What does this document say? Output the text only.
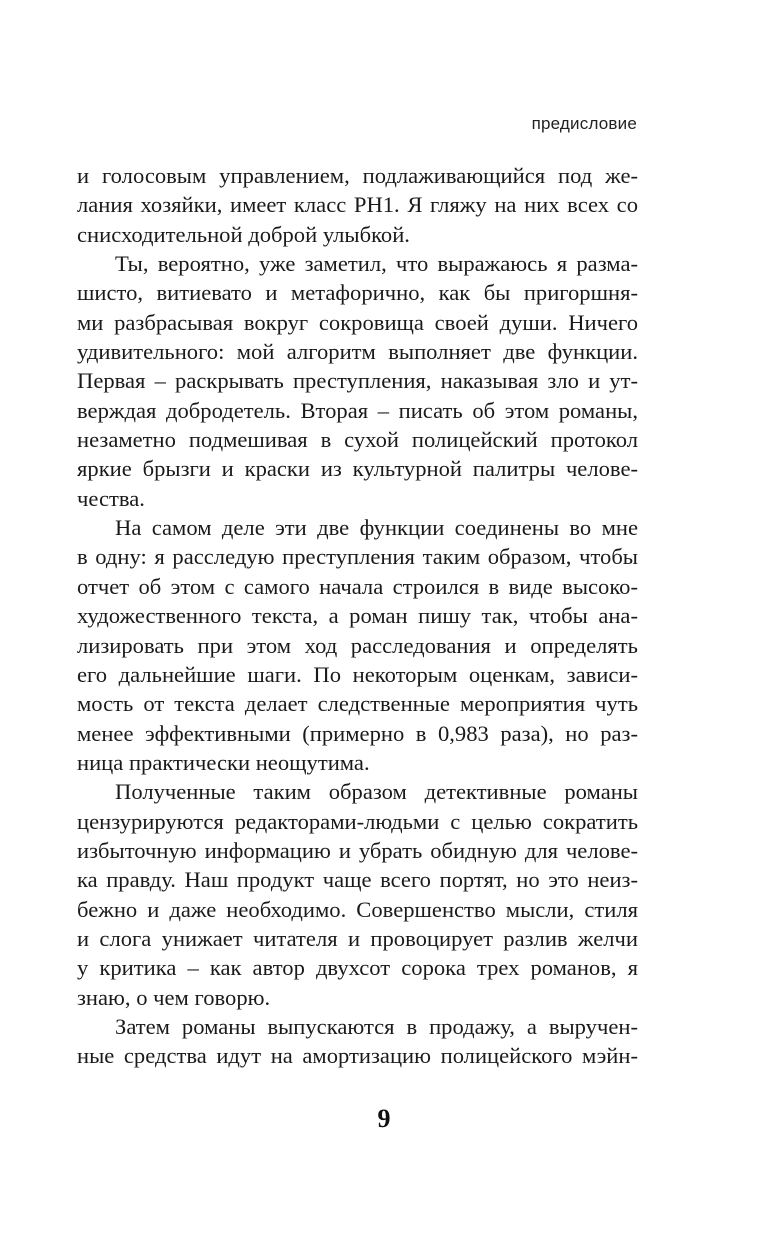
предисловие
и голосовым управлением, подлаживающийся под же-
лания хозяйки, имеет класс PH1. Я гляжу на них всех со
снисходительной доброй улыбкой.
Ты, вероятно, уже заметил, что выражаюсь я разма-
шисто, витиевато и метафорично, как бы пригоршня-
ми разбрасывая вокруг сокровища своей души. Ничего
удивительного: мой алгоритм выполняет две функции.
Первая – раскрывать преступления, наказывая зло и ут-
верждая добродетель. Вторая – писать об этом романы,
незаметно подмешивая в сухой полицейский протокол
яркие брызги и краски из культурной палитры челове-
чества.
На самом деле эти две функции соединены во мне
в одну: я расследую преступления таким образом, чтобы
отчет об этом с самого начала строился в виде высоко-
художественного текста, а роман пишу так, чтобы ана-
лизировать при этом ход расследования и определять
его дальнейшие шаги. По некоторым оценкам, зависи-
мость от текста делает следственные мероприятия чуть
менее эффективными (примерно в 0,983 раза), но раз-
ница практически неощутима.
Полученные таким образом детективные романы
цензурируются редакторами-людьми с целью сократить
избыточную информацию и убрать обидную для челове-
ка правду. Наш продукт чаще всего портят, но это неиз-
бежно и даже необходимо. Совершенство мысли, стиля
и слога унижает читателя и провоцирует разлив желчи
у критика – как автор двухсот сорока трех романов, я
знаю, о чем говорю.
Затем романы выпускаются в продажу, а выручен-
ные средства идут на амортизацию полицейского мэйн-
9
